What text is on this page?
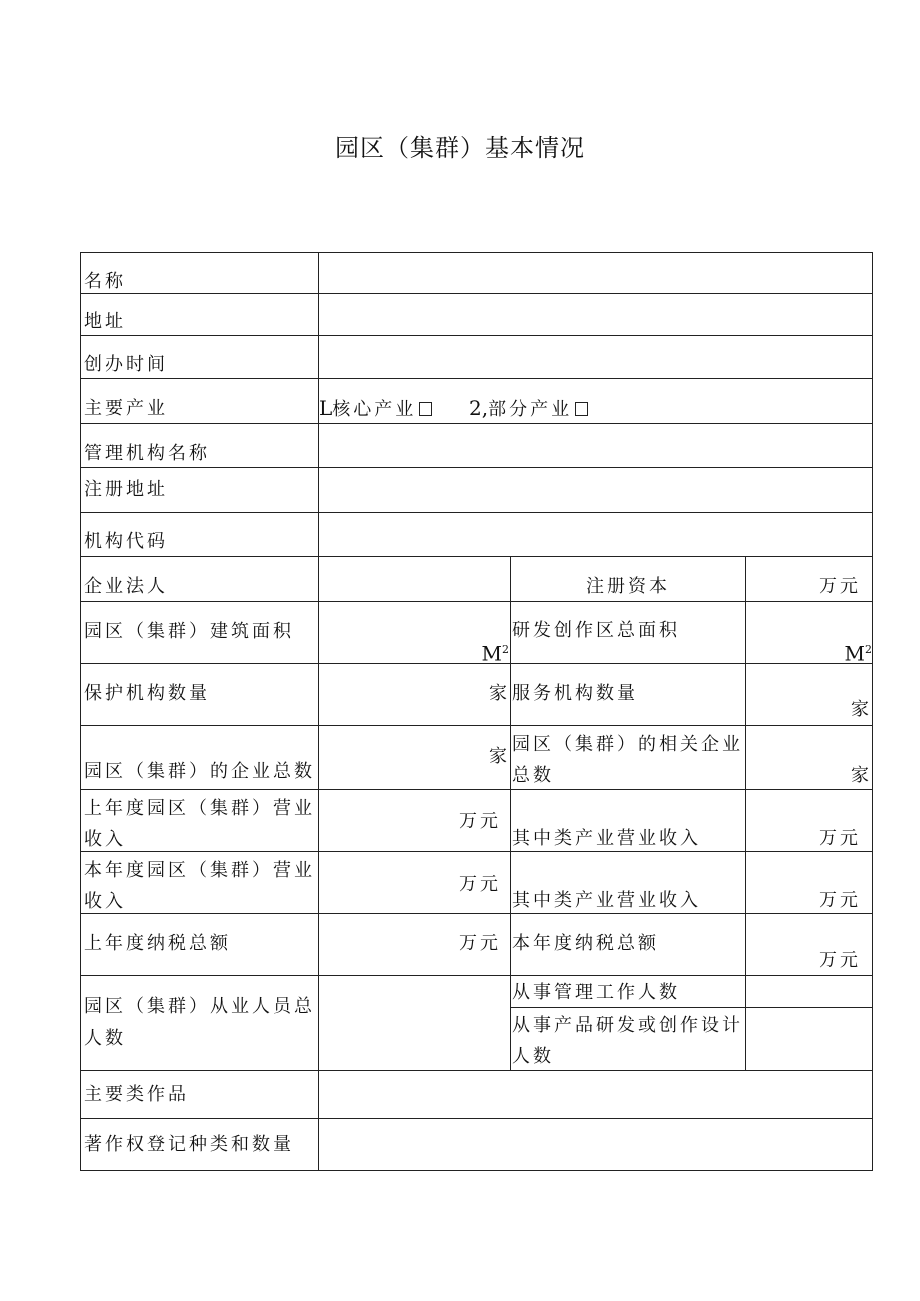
园区（集群）基本情况
名称			

地址			

创办时间			

主要产业	L核心产业 2,部分产业		

管理机构名称			

注册地址			

机构代码			

企业法人		注册资本	万元

园区（集群）建筑面积	$M^2$	研发创作区总面积	$M^2$

保护机构数量	家	服务机构数量	家

园区（集群）的企业总数	家	园区（集群）的相关企业
总数	家

上年度园区（集群）营业
收入	万元	其中类产业营业收入	万元

本年度园区（集群）营业
收入	万元	其中类产业营业收入	万元

上年度纳税总额	万元	本年度纳税总额	万元

园区（集群）从业人员总
人数		从事管理工作人数	

		从事产品研发或创作设计
人数	

主要类作品			

著作权登记种类和数量			
